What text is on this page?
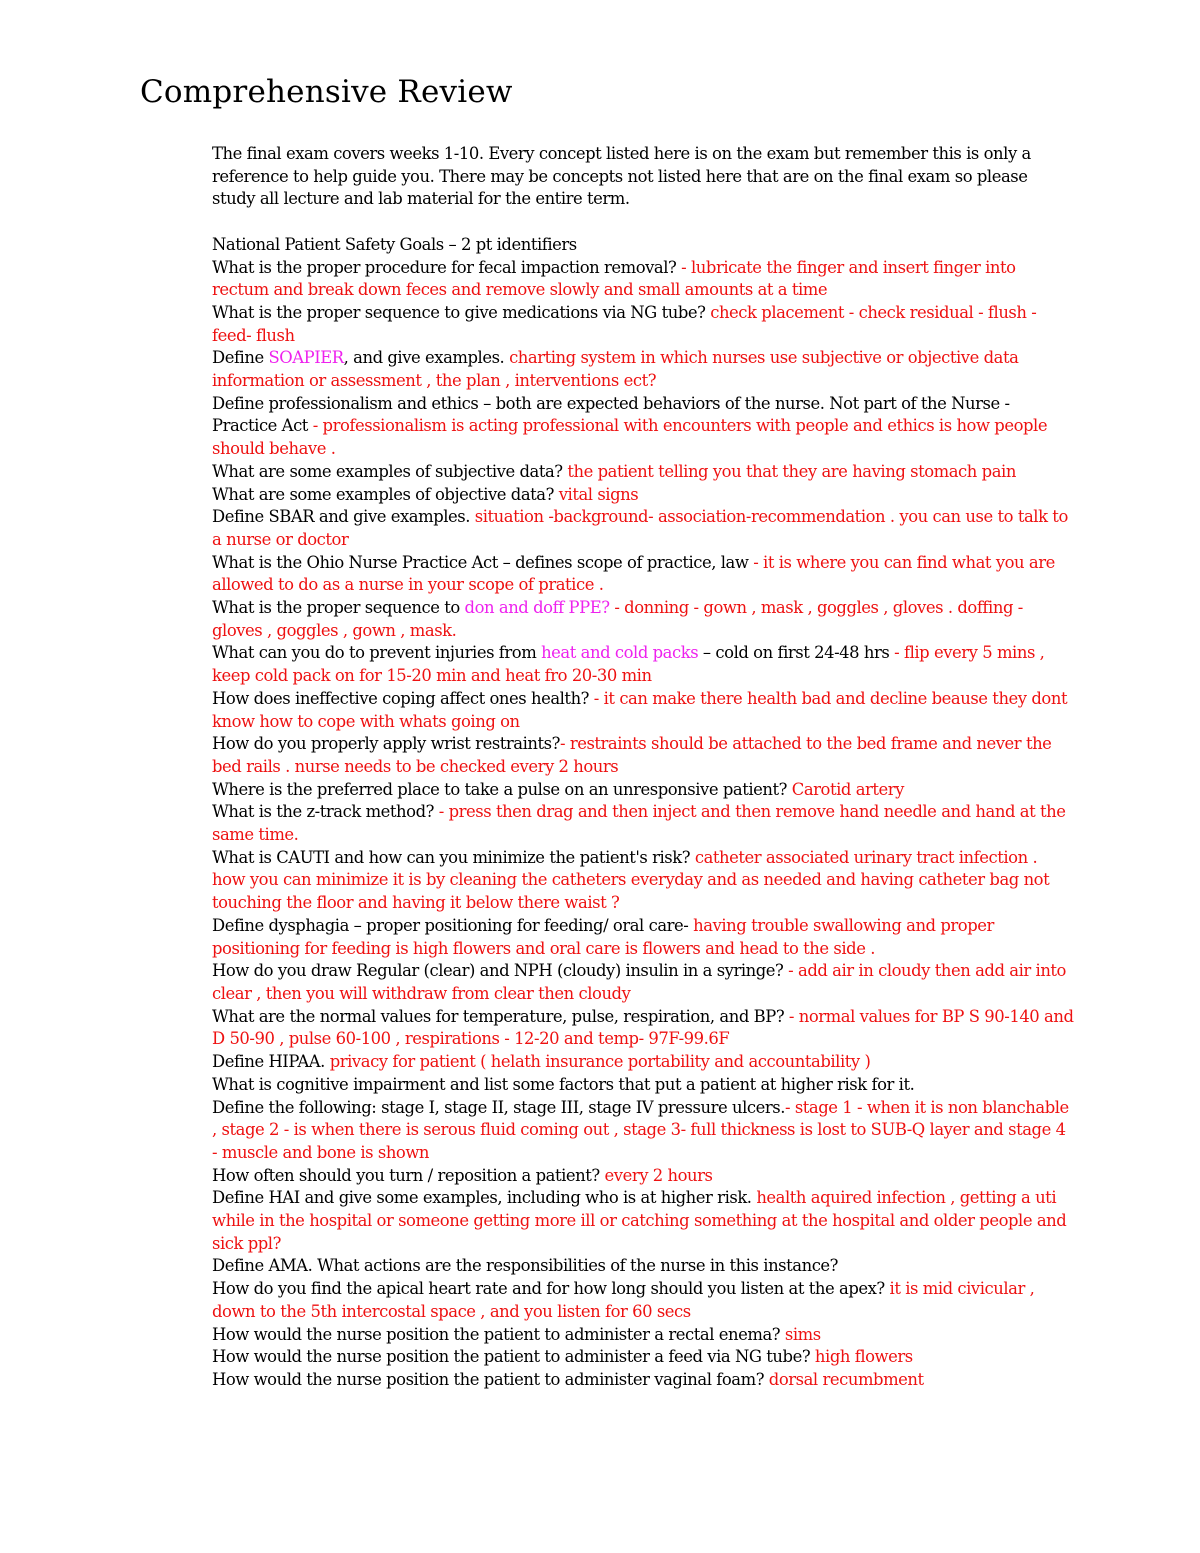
Comprehensive Review

The final exam covers weeks 1-10. Every concept listed here is on the exam but remember this is only a reference to help guide you. There may be concepts not listed here that are on the final exam so please study all lecture and lab material for the entire term.

National Patient Safety Goals – 2 pt identifiers

What is the proper procedure for fecal impaction removal? - lubricate the finger and insert finger into rectum and break down feces and remove slowly and small amounts at a time

What is the proper sequence to give medications via NG tube? check placement - check residual - flush - feed- flush

Define SOAPIER, and give examples. charting system in which nurses use subjective or objective data information or assessment , the plan , interventions ect?

Define professionalism and ethics – both are expected behaviors of the nurse. Not part of the Nurse - Practice Act - professionalism is acting professional with encounters with people and ethics is how people should behave .

What are some examples of subjective data? the patient telling you that they are having stomach pain

What are some examples of objective data? vital signs

Define SBAR and give examples. situation -background- association-recommendation . you can use to talk to a nurse or doctor

What is the Ohio Nurse Practice Act – defines scope of practice, law - it is where you can find what you are allowed to do as a nurse in your scope of pratice .

What is the proper sequence to don and doff PPE? - donning - gown , mask , goggles , gloves . doffing - gloves , goggles , gown , mask.

What can you do to prevent injuries from heat and cold packs – cold on first 24-48 hrs - flip every 5 mins , keep cold pack on for 15-20 min and heat fro 20-30 min

How does ineffective coping affect ones health? - it can make there health bad and decline beause they dont know how to cope with whats going on

How do you properly apply wrist restraints?- restraints should be attached to the bed frame and never the bed rails . nurse needs to be checked every 2 hours

Where is the preferred place to take a pulse on an unresponsive patient? Carotid artery

What is the z-track method? - press then drag and then inject and then remove hand needle and hand at the same time.

What is CAUTI and how can you minimize the patient's risk? catheter associated urinary tract infection . how you can minimize it is by cleaning the catheters everyday and as needed and having catheter bag not touching the floor and having it below there waist ?

Define dysphagia – proper positioning for feeding/ oral care- having trouble swallowing and proper positioning for feeding is high flowers and oral care is flowers and head to the side .

How do you draw Regular (clear) and NPH (cloudy) insulin in a syringe? - add air in cloudy then add air into clear , then you will withdraw from clear then cloudy

What are the normal values for temperature, pulse, respiration, and BP? - normal values for BP S 90-140 and D 50-90 , pulse 60-100 , respirations - 12-20 and temp- 97F-99.6F

Define HIPAA. privacy for patient ( helath insurance portability and accountability )

What is cognitive impairment and list some factors that put a patient at higher risk for it.

Define the following: stage I, stage II, stage III, stage IV pressure ulcers.- stage 1 - when it is non blanchable , stage 2 - is when there is serous fluid coming out , stage 3- full thickness is lost to SUB-Q layer and stage 4 - muscle and bone is shown

How often should you turn / reposition a patient? every 2 hours

Define HAI and give some examples, including who is at higher risk. health aquired infection , getting a uti while in the hospital or someone getting more ill or catching something at the hospital and older people and sick ppl?

Define AMA. What actions are the responsibilities of the nurse in this instance?

How do you find the apical heart rate and for how long should you listen at the apex? it is mid civicular , down to the 5th intercostal space , and you listen for 60 secs

How would the nurse position the patient to administer a rectal enema? sims

How would the nurse position the patient to administer a feed via NG tube? high flowers

How would the nurse position the patient to administer vaginal foam? dorsal recumbment
